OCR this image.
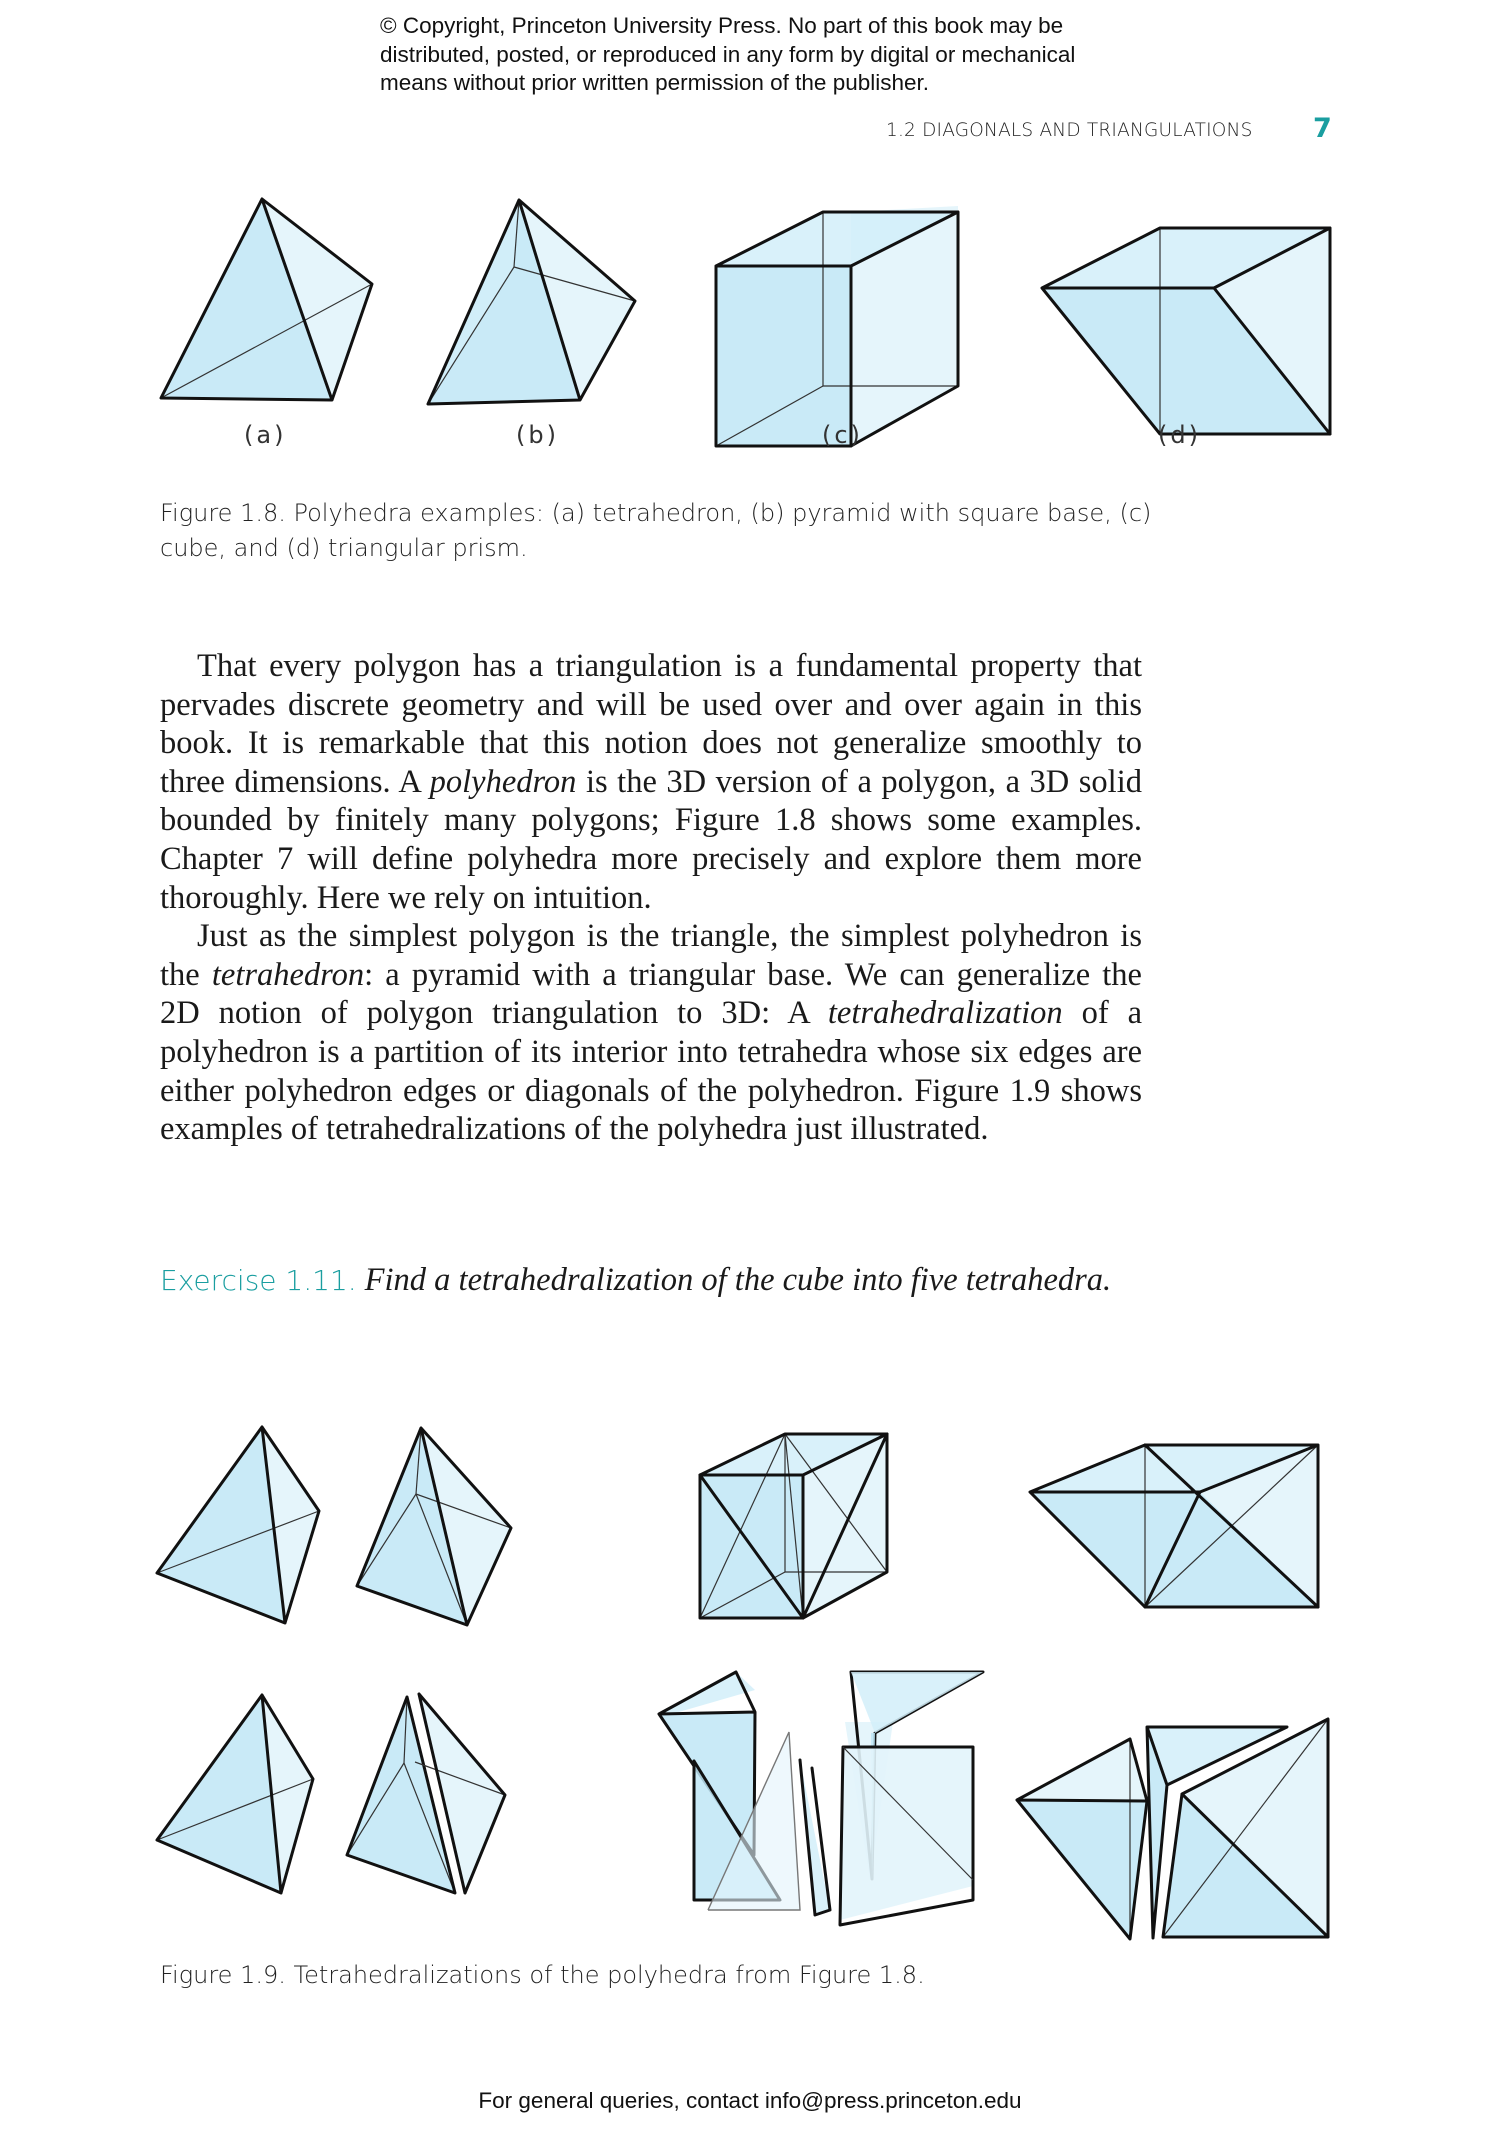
© Copyright, Princeton University Press. No part of this book may be
distributed, posted, or reproduced in any form by digital or mechanical
means without prior written permission of the publisher.
1.2 DIAGONALS AND TRIANGULATIONS 7
(a)	(b)	(c)	(d)
Figure 1.8. Polyhedra examples: (a) tetrahedron, (b) pyramid with square base, (c) cube, and (d) triangular prism.

That every polygon has a triangulation is a fundamental property that pervades discrete geometry and will be used over and over again in this book. It is remarkable that this notion does not generalize smoothly to three dimensions. A polyhedron is the 3D version of a polygon, a 3D solid bounded by finitely many polygons; Figure 1.8 shows some examples. Chapter 7 will define polyhedra more precisely and explore them more thoroughly. Here we rely on intuition.

Just as the simplest polygon is the triangle, the simplest polyhedron is the tetrahedron: a pyramid with a triangular base. We can generalize the 2D notion of polygon triangulation to 3D: A tetrahedralization of a polyhedron is a partition of its interior into tetrahedra whose six edges are either polyhedron edges or diagonals of the polyhedron. Figure 1.9 shows examples of tetrahedralizations of the polyhedra just illustrated.

Exercise 1.11. Find a tetrahedralization of the cube into five tetrahedra.
Figure 1.9. Tetrahedralizations of the polyhedra from Figure 1.8.
For general queries, contact info@press.princeton.edu
